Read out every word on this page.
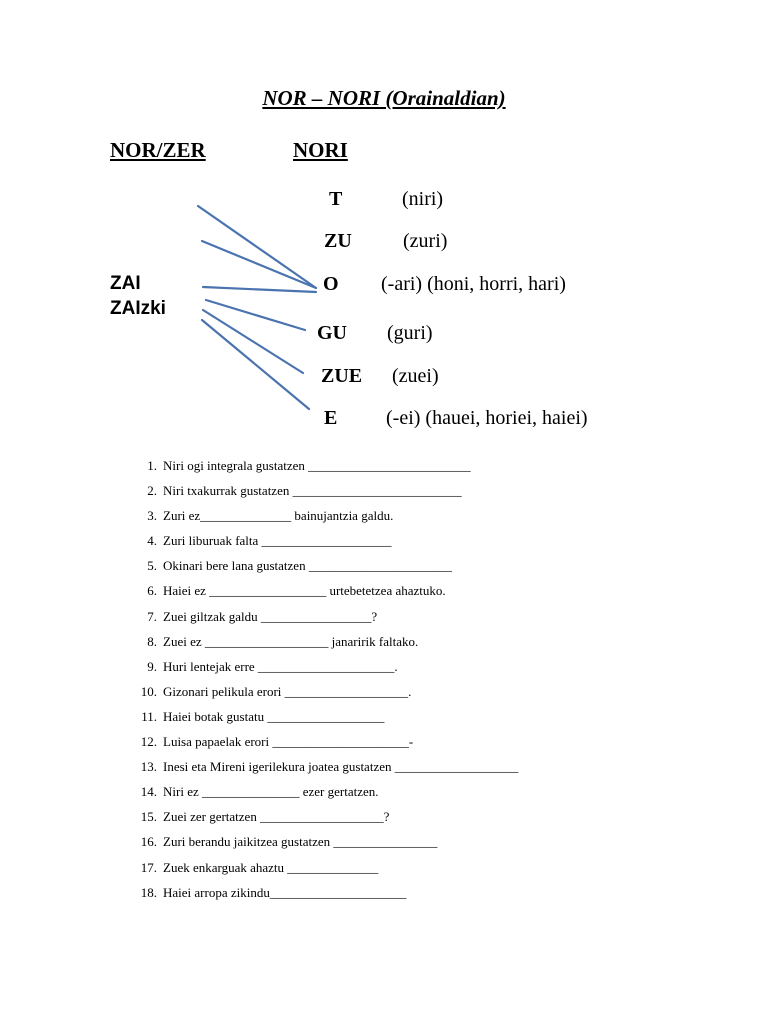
NOR – NORI (Orainaldian)
NOR/ZER	NORI
ZAI
ZAIzki
T	(niri)
ZU	(zuri)
O (-ari) (honi, horri, hari)
GU (guri)
ZUE (zuei)
E (-ei) (hauei, horiei, haiei)
1. Niri ogi integrala gustatzen _________________________
2. Niri txakurrak gustatzen __________________________
3. Zuri ez______________ bainujantzia galdu.
4. Zuri liburuak falta ____________________
5. Okinari bere lana gustatzen ______________________
6. Haiei ez __________________ urtebetetzea ahaztuko.
7. Zuei giltzak galdu _________________?
8. Zuei ez ___________________ janaririk faltako.
9. Huri lentejak erre _____________________.
10. Gizonari pelikula erori ___________________.
11. Haiei botak gustatu __________________
12. Luisa papaelak erori _____________________-
13. Inesi eta Mireni igerilekura joatea gustatzen ___________________
14. Niri ez _______________ ezer gertatzen.
15. Zuei zer gertatzen ___________________?
16. Zuri berandu jaikitzea gustatzen ________________
17. Zuek enkarguak ahaztu ______________
18. Haiei arropa zikindu_____________________
